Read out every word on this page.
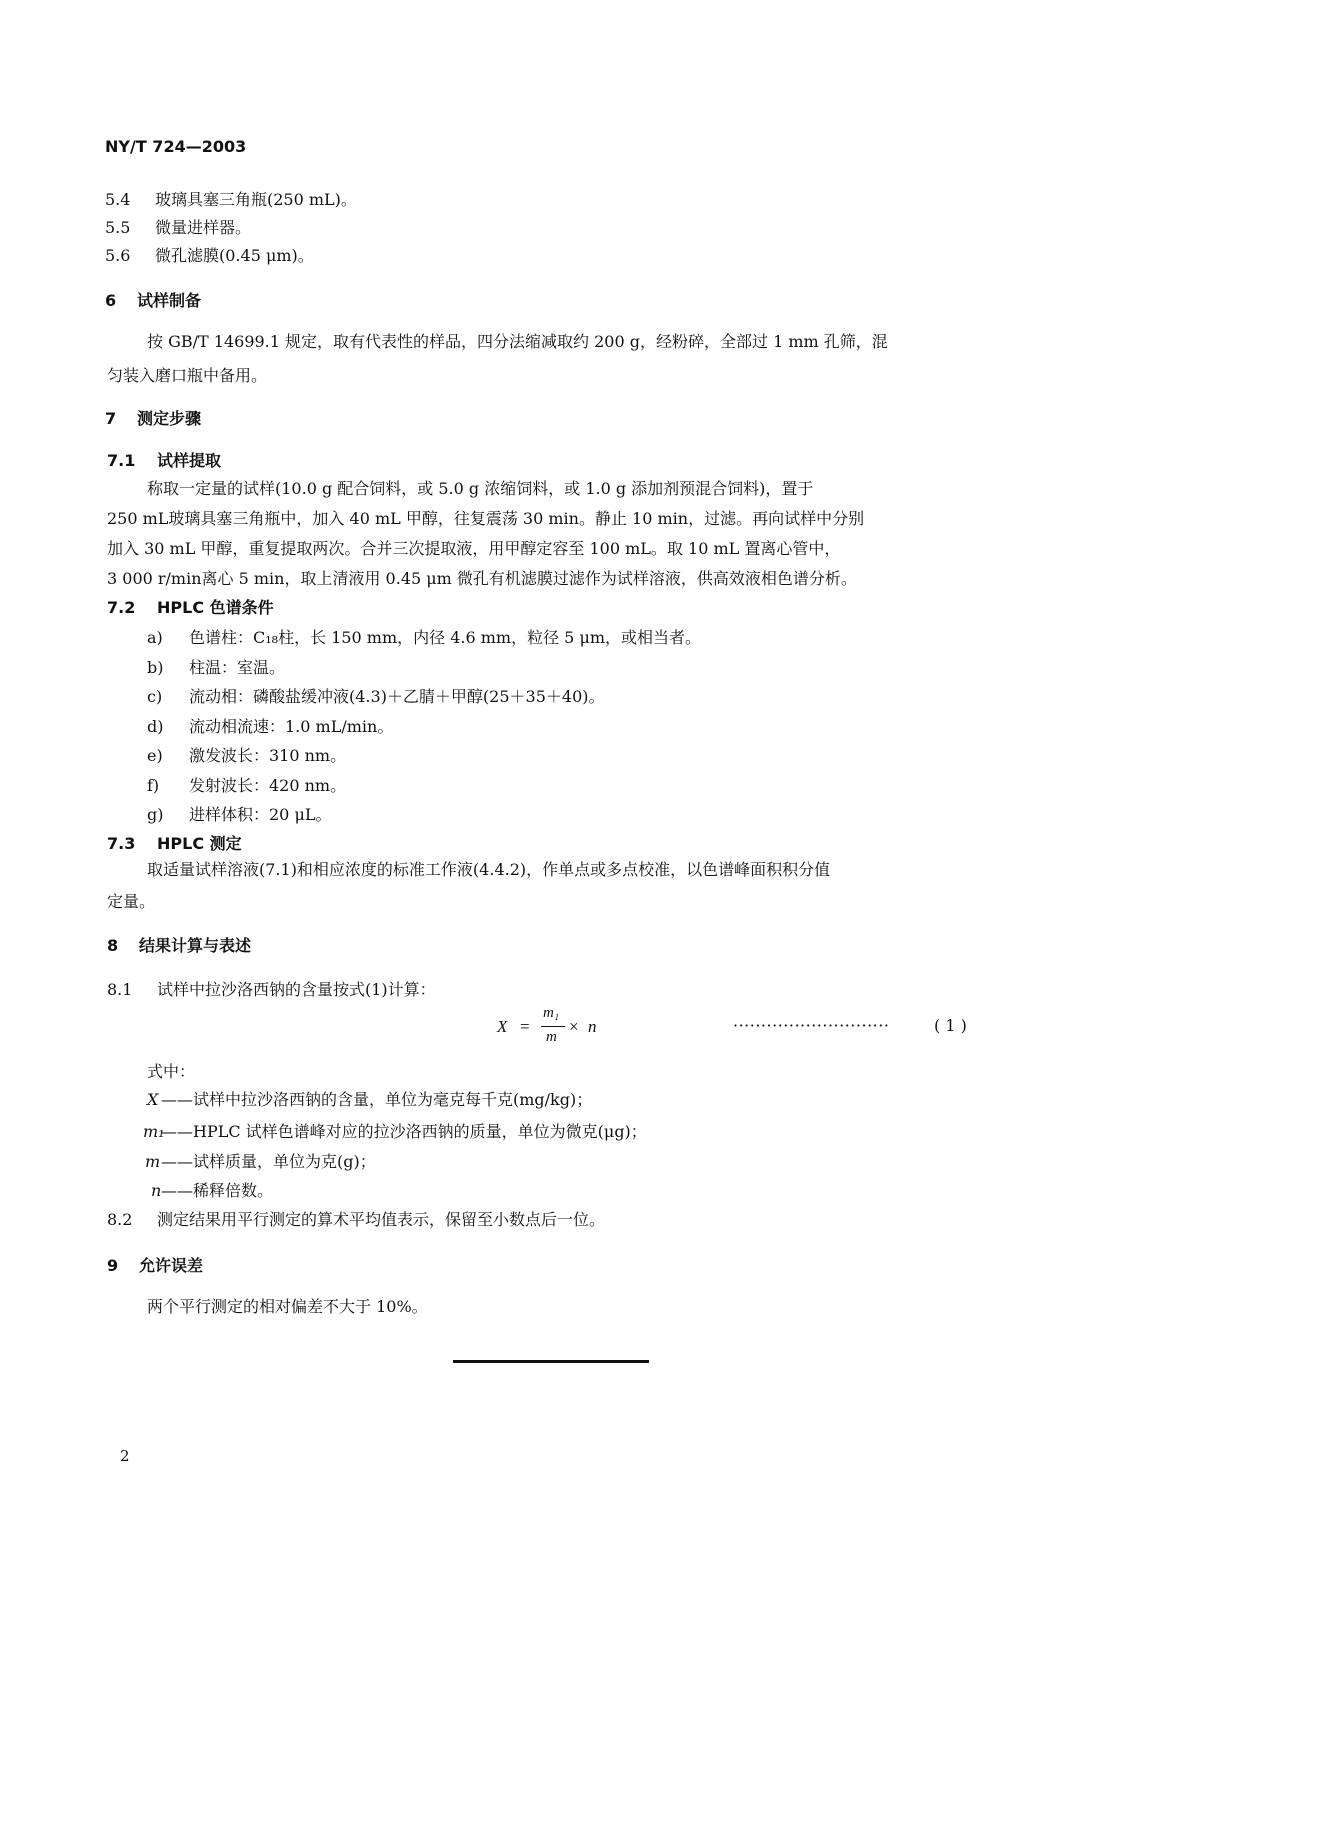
NY/T 724—2003
5.4 玻璃具塞三角瓶(250 mL)。
5.5 微量进样器。
5.6 微孔滤膜(0.45 μm)。
6 试样制备
按 GB/T 14699.1 规定，取有代表性的样品，四分法缩减取约 200 g，经粉碎，全部过 1 mm 孔筛，混
匀装入磨口瓶中备用。
7 测定步骤
7.1 试样提取
称取一定量的试样(10.0 g 配合饲料，或 5.0 g 浓缩饲料，或 1.0 g 添加剂预混合饲料)，置于
250 mL玻璃具塞三角瓶中，加入 40 mL 甲醇，往复震荡 30 min。静止 10 min，过滤。再向试样中分别
加入 30 mL 甲醇，重复提取两次。合并三次提取液，用甲醇定容至 100 mL。取 10 mL 置离心管中，
3 000 r/min离心 5 min，取上清液用 0.45 μm 微孔有机滤膜过滤作为试样溶液，供高效液相色谱分析。
7.2 HPLC 色谱条件
a) 色谱柱：C₁₈柱，长 150 mm，内径 4.6 mm，粒径 5 μm，或相当者。
b) 柱温：室温。
c) 流动相：磷酸盐缓冲液(4.3)＋乙腈＋甲醇(25＋35＋40)。
d) 流动相流速：1.0 mL/min。
e) 激发波长：310 nm。
f) 发射波长：420 nm。
g) 进样体积：20 μL。
7.3 HPLC 测定
取适量试样溶液(7.1)和相应浓度的标准工作液(4.4.2)，作单点或多点校准，以色谱峰面积积分值
定量。
8 结果计算与表述
8.1 试样中拉沙洛西钠的含量按式(1)计算：
X =
m₁
m
× n	····························	( 1 )
式中：
X ——试样中拉沙洛西钠的含量，单位为毫克每千克(mg/kg)；
m₁——HPLC 试样色谱峰对应的拉沙洛西钠的质量，单位为微克(μg)；
m——试样质量，单位为克(g)；
n——稀释倍数。
8.2 测定结果用平行测定的算术平均值表示，保留至小数点后一位。
9 允许误差
两个平行测定的相对偏差不大于 10%。
2
